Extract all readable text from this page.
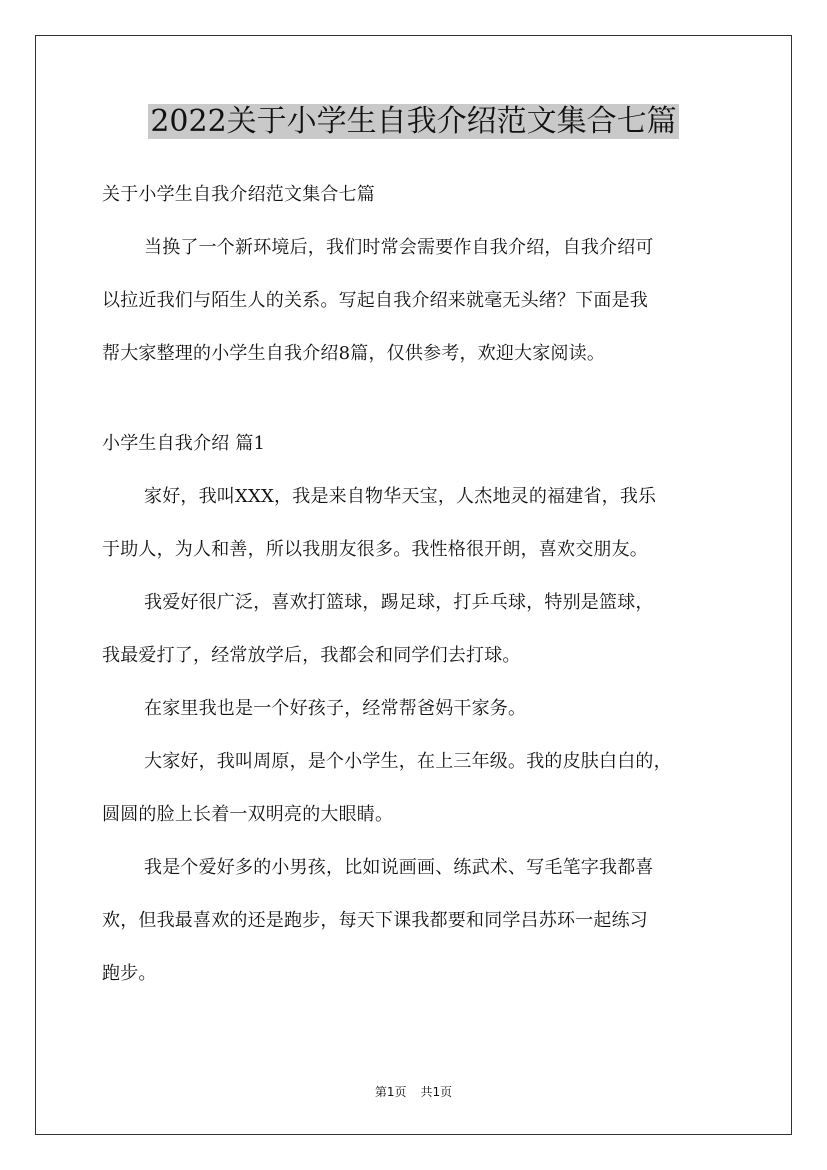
2022关于小学生自我介绍范文集合七篇
关于小学生自我介绍范文集合七篇
当换了一个新环境后，我们时常会需要作自我介绍，自我介绍可
以拉近我们与陌生人的关系。写起自我介绍来就毫无头绪？下面是我
帮大家整理的小学生自我介绍8篇，仅供参考，欢迎大家阅读。
小学生自我介绍 篇1
家好，我叫XXX，我是来自物华天宝，人杰地灵的福建省，我乐
于助人，为人和善，所以我朋友很多。我性格很开朗，喜欢交朋友。
我爱好很广泛，喜欢打篮球，踢足球，打乒乓球，特别是篮球，
我最爱打了，经常放学后，我都会和同学们去打球。
在家里我也是一个好孩子，经常帮爸妈干家务。
大家好，我叫周原，是个小学生，在上三年级。我的皮肤白白的，
圆圆的脸上长着一双明亮的大眼睛。
我是个爱好多的小男孩，比如说画画、练武术、写毛笔字我都喜
欢，但我最喜欢的还是跑步，每天下课我都要和同学吕苏环一起练习
跑步。
第1页 共1页
